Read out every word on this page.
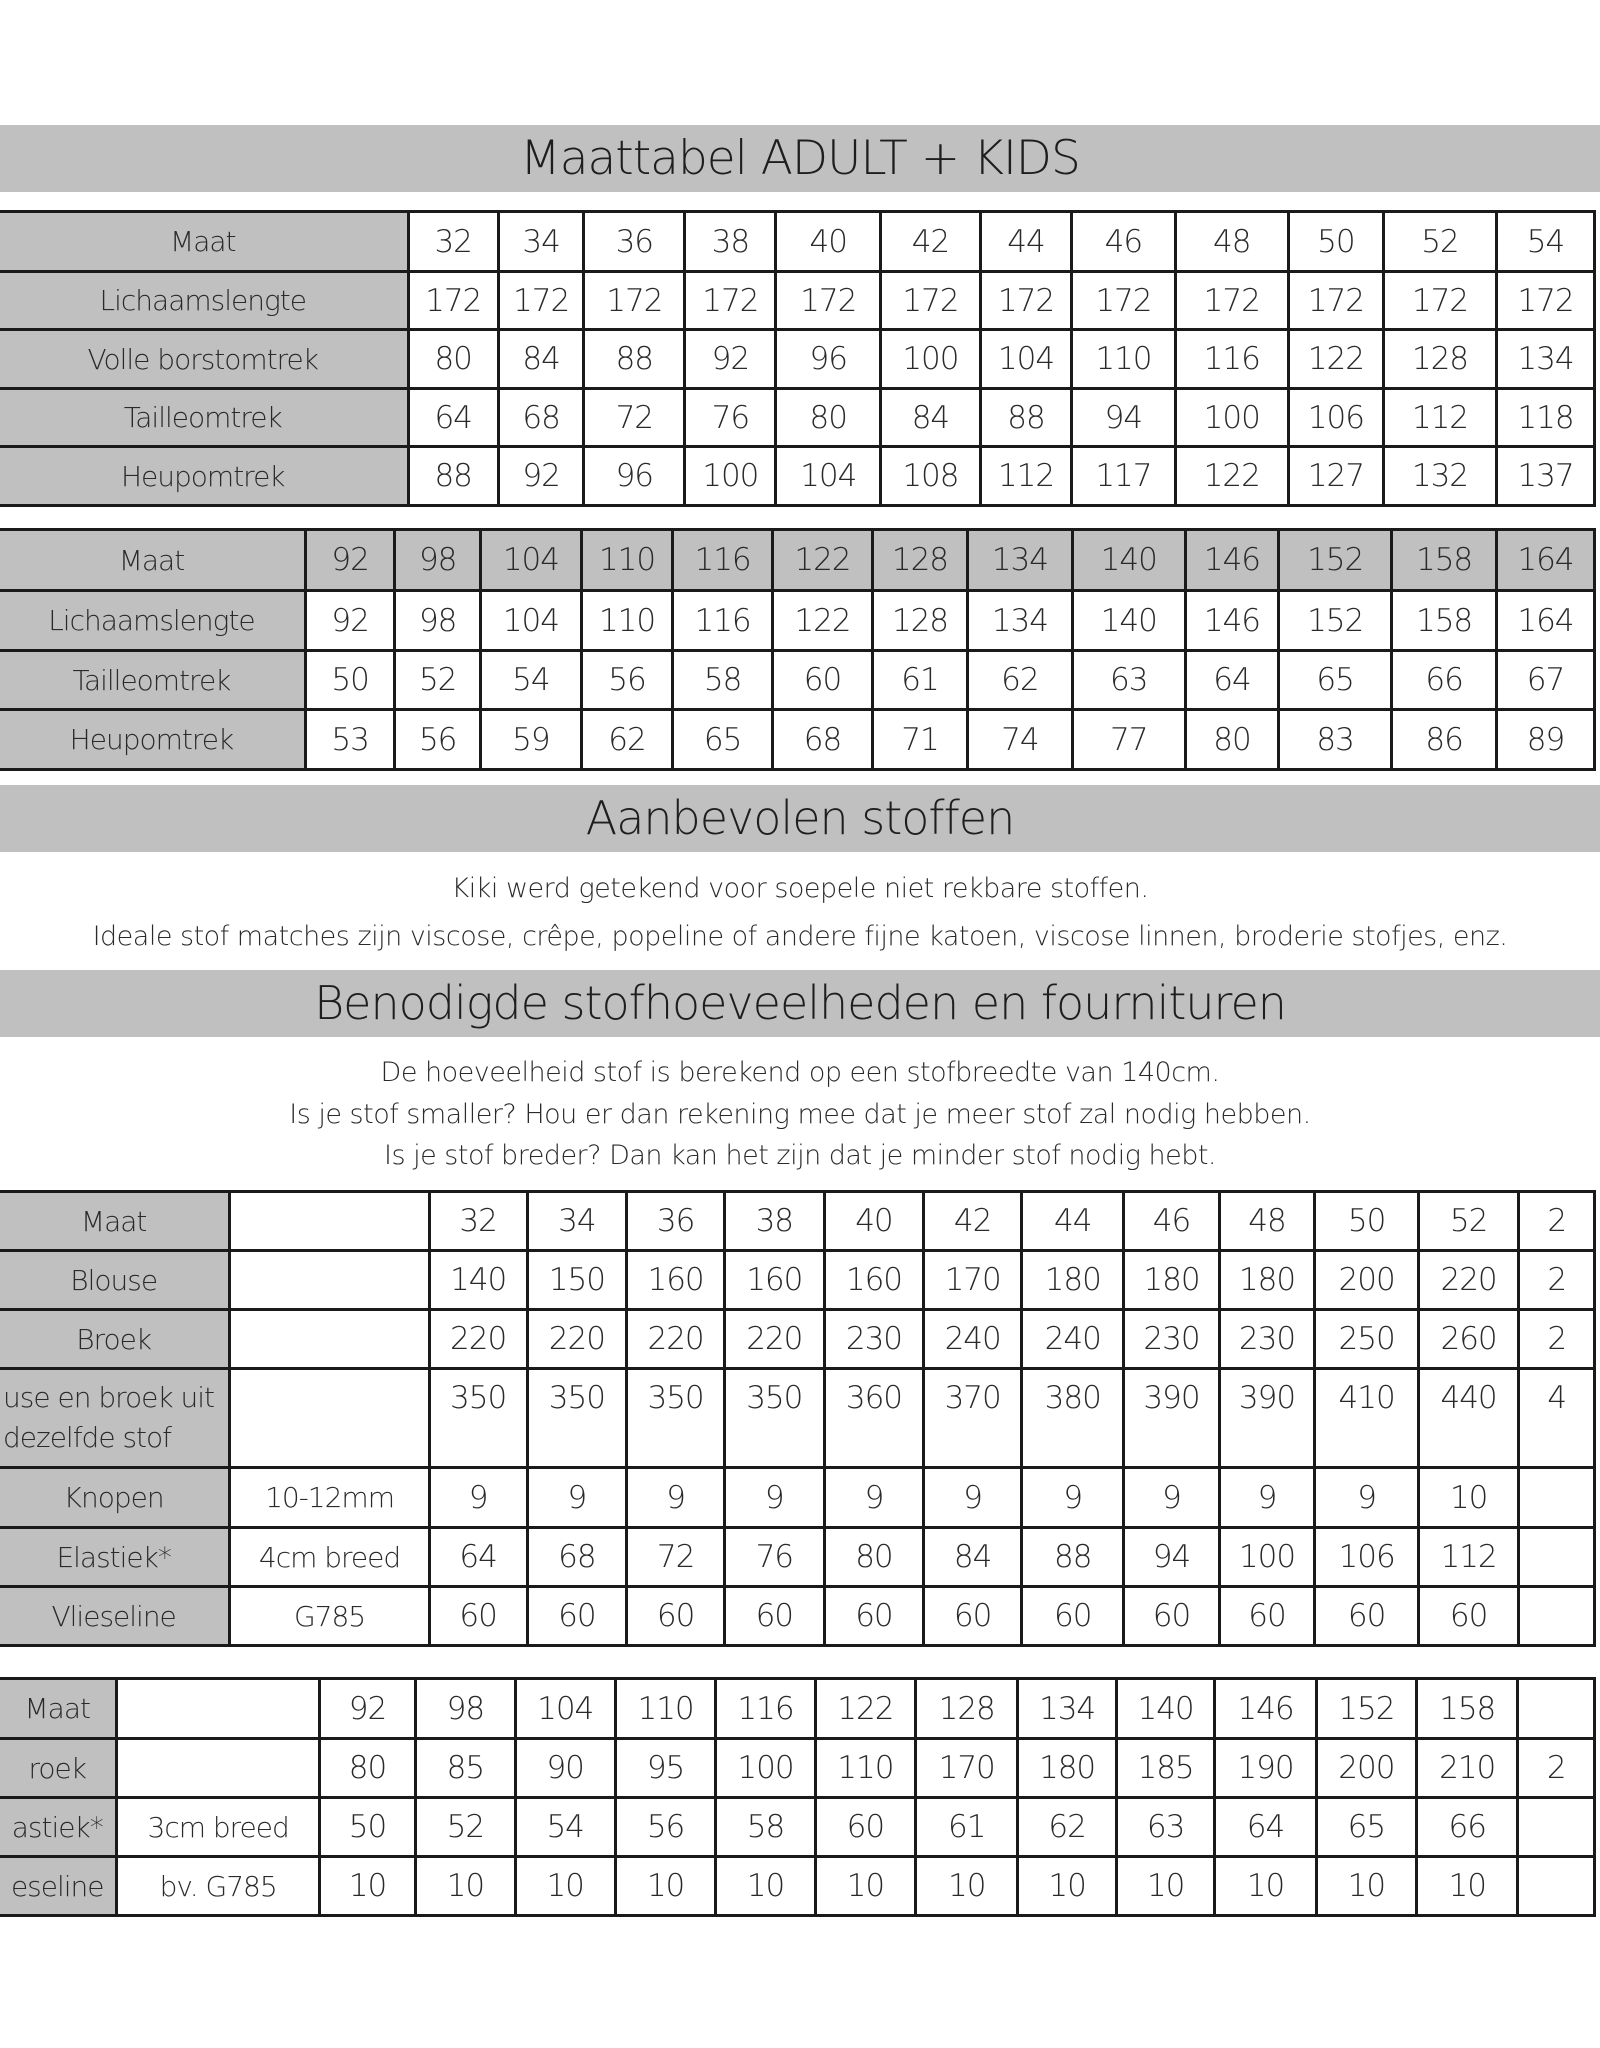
Maattabel ADULT + KIDS
Maat	32	34	36	38	40	42	44	46	48	50	52	54
Lichaamslengte	172	172	172	172	172	172	172	172	172	172	172	172
Volle borstomtrek	80	84	88	92	96	100	104	110	116	122	128	134
Tailleomtrek	64	68	72	76	80	84	88	94	100	106	112	118
Heupomtrek	88	92	96	100	104	108	112	117	122	127	132	137
Maat	92	98	104	110	116	122	128	134	140	146	152	158	164
Lichaamslengte	92	98	104	110	116	122	128	134	140	146	152	158	164
Tailleomtrek	50	52	54	56	58	60	61	62	63	64	65	66	67
Heupomtrek	53	56	59	62	65	68	71	74	77	80	83	86	89
Aanbevolen stoffen
Kiki werd getekend voor soepele niet rekbare stoffen.
Ideale stof matches zijn viscose, crêpe, popeline of andere fijne katoen, viscose linnen, broderie stofjes, enz.
Benodigde stofhoeveelheden en fournituren
De hoeveelheid stof is berekend op een stofbreedte van 140cm.
Is je stof smaller? Hou er dan rekening mee dat je meer stof zal nodig hebben.
Is je stof breder? Dan kan het zijn dat je minder stof nodig hebt.
Maat		32	34	36	38	40	42	44	46	48	50	52	2
Blouse		140	150	160	160	160	170	180	180	180	200	220	2
Broek		220	220	220	220	230	240	240	230	230	250	260	2
use en broek uit dezelfde stof		350	350	350	350	360	370	380	390	390	410	440	4
Knopen	10-12mm	9	9	9	9	9	9	9	9	9	9	10	
Elastiek*	4cm breed	64	68	72	76	80	84	88	94	100	106	112	
Vlieseline	G785	60	60	60	60	60	60	60	60	60	60	60	
Maat		92	98	104	110	116	122	128	134	140	146	152	158	
roek		80	85	90	95	100	110	170	180	185	190	200	210	2
astiek*	3cm breed	50	52	54	56	58	60	61	62	63	64	65	66	
eseline	bv. G785	10	10	10	10	10	10	10	10	10	10	10	10	
